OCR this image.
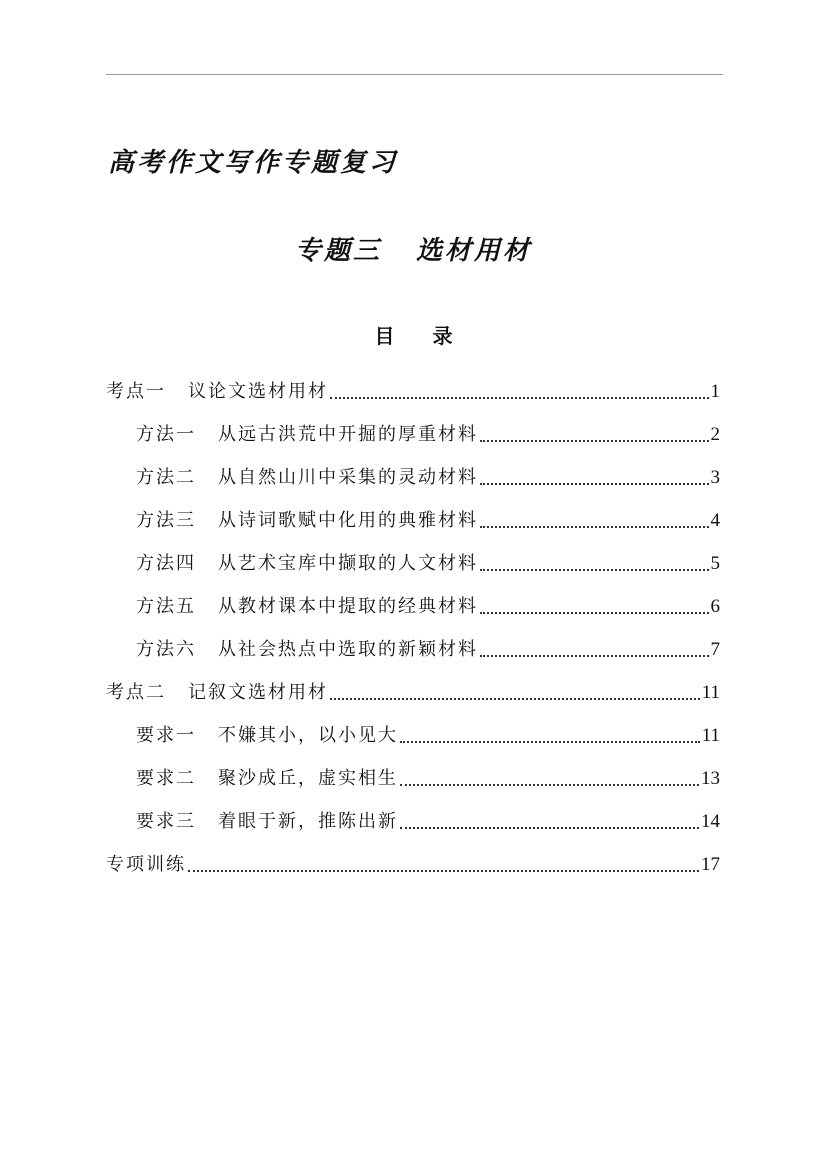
高考作文写作专题复习
专题三 选材用材
目 录
考点一 议论文选材用材	1
方法一 从远古洪荒中开掘的厚重材料	2
方法二 从自然山川中采集的灵动材料	3
方法三 从诗词歌赋中化用的典雅材料	4
方法四 从艺术宝库中撷取的人文材料	5
方法五 从教材课本中提取的经典材料	6
方法六 从社会热点中选取的新颖材料	7
考点二 记叙文选材用材	11
要求一 不嫌其小，以小见大	11
要求二 聚沙成丘，虚实相生	13
要求三 着眼于新，推陈出新	14
专项训练	17
